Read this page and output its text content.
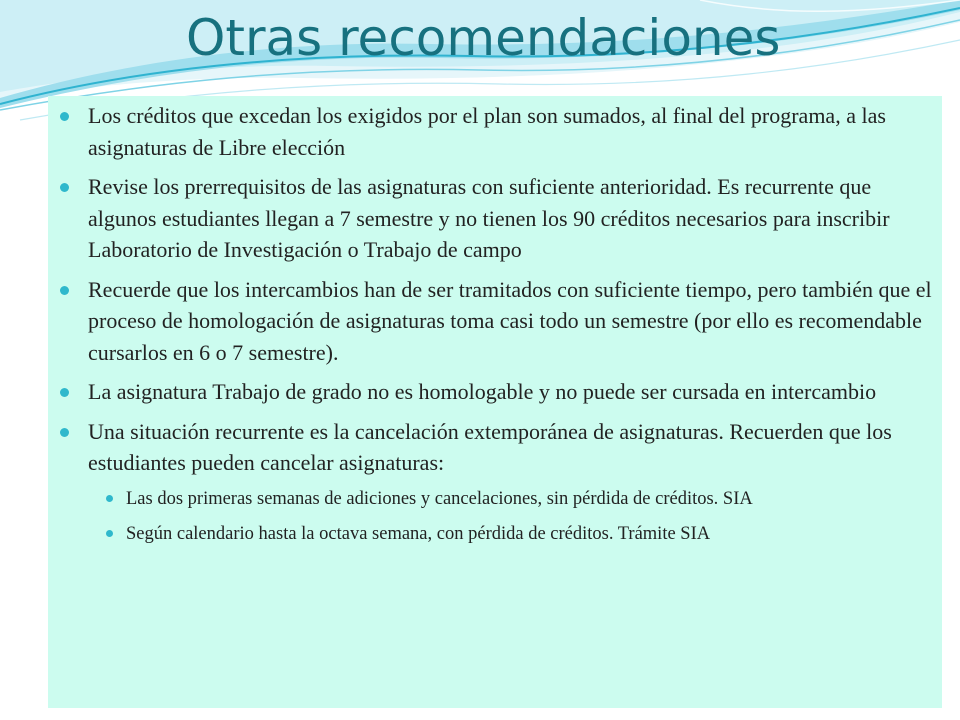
Otras recomendaciones
Los créditos que excedan los exigidos por el plan son sumados, al final del programa, a las asignaturas de Libre elección
Revise los prerrequisitos de las asignaturas con suficiente anterioridad. Es recurrente que algunos estudiantes llegan a 7 semestre y no tienen los 90 créditos necesarios para inscribir Laboratorio de Investigación o Trabajo de campo
Recuerde que los intercambios han de ser tramitados con suficiente tiempo, pero también que el proceso de homologación de asignaturas toma casi todo un semestre (por ello es recomendable cursarlos en 6 o 7 semestre).
La asignatura Trabajo de grado no es homologable y no puede ser cursada en intercambio
Una situación recurrente es la cancelación extemporánea de asignaturas. Recuerden que los estudiantes pueden cancelar asignaturas:
Las dos primeras semanas de adiciones y cancelaciones, sin pérdida de créditos. SIA
Según calendario hasta la octava semana, con pérdida de créditos. Trámite SIA
